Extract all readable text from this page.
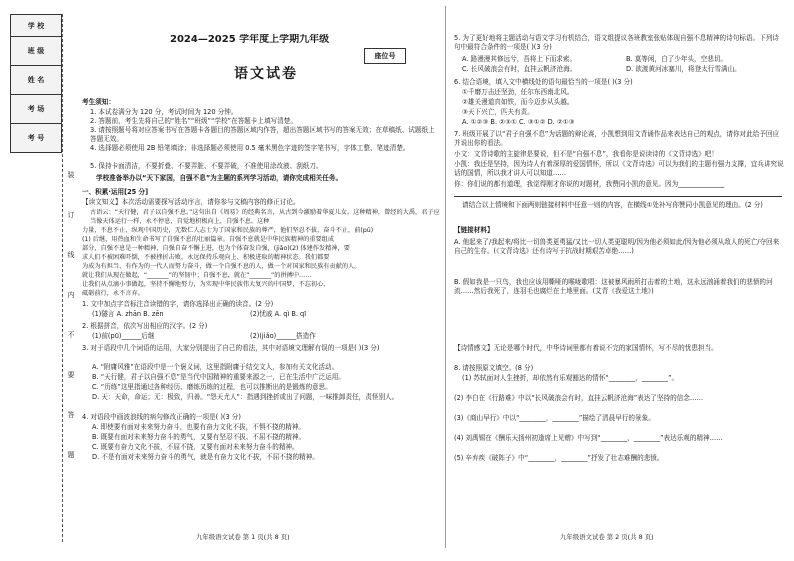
学 校
班 级
姓 名
考 场
考 号
装
订
线
内
不
要
答
题
2024—2025 学年度上学期九年级
语文试卷
座位号
考生须知：
1. 本试卷满分为 120 分，考试时间为 120 分钟。
2. 答题前，考生先将自己的“姓名”“班级”“学校”在答题卡上填写清楚。
3. 请按照题号将对应答案书写在答题卡各题目的答题区域内作答，超出答题区域书写的答案无效；在草稿纸、试题纸上答题无效。
4. 选择题必须使用 2B 铅笔填涂；非选择题必须使用 0.5 毫米黑色字迹的签字笔书写，字体工整、笔迹清楚。
5. 保持卡面清洁，不要折叠、不要弄脏、不要弄破，不准使用涂改液、刮纸刀。
学校准备举办以“天下家国，自强不息”为主题的系列学习活动，请你完成相关任务。
一、积累·运用[25 分]
【读文知义】本次活动需要探写活动序言，请你参与文稿内容的修正讨论。
古语云：“天行健，君子以自强不息。”这句出自《周易》的经典名言，从古到今激励着华夏儿女。这种精神，曾经的大禹，君子应当像天体运行一样，永不停息，自觉地积极向上，自强不息。这种
力量，不息不止，纵观中国历史，无数仁人志士为了国家和民族的尊严，他们坚忍不拔，奋斗不止，前(pū)
(1) 后继，用热血和生命书写了自强不息的壮丽篇章。自强不息就是中华民族精神的重要组成
部分，自强不息是一种精神，自强自奋不懈上进，也为个体奋发自强，(jiǎo)(2) 体建作发精神，要
求人们不被困难吓倒，不被挫折击败，永远保持乐观向上、积极进取的精神状态。我们都要
为成为有担当、有作为的一代人而努力奋斗，做一个自强不息的人，做一个对国家和民族有贡献的人。
就让我们从现在做起，“_______”的坚韧中；自强不息，就在“_______”的拼搏中……
让我们从点滴小事做起，坚持不懈地努力，为实现中华民族伟大复兴的中国梦，不忘初心，
砥砺前行，永不言弃。
1. 文中加点字音标注音读错的字，请你选择出正确的读音。(2 分)
(1)隧言 A. zhān B. zēn	(2)忧戚 A. qì B. qī
2. 根据拼音，依次写出相应的汉字。(2 分)
(1)前(pū)______后继	(2)(jiǎo)______搭造作
3. 对于语段中几个词语的运用，大家分别提出了自己的看法，其中对语境文理解有误的一项是( )(3 分)
A. “附庸风雅”在语段中是一个褒义词，这里指附庸于结交文人，参加有关文化活动。
B. “天行健，君子以自强不息”是当代中国精神的重要来源之一，已在生活中广泛运用。
C. “历练”这里指通过各种经历、磨练历练的过程，也可以推断出的是锻炼的意思。
D. 天：天命，命运；无：极致，归善。“怨天尤人”：指遇到挫折或出了问题，一味推卸责任，责怪别人。
4. 对语段中画波浪线的病句修改正确的一项是( )(3 分)
A. 即使要有面对未来努力奋斗，也要有奋力文化不拔，不惧不挠的精神。
B. 既要有面对未来努力奋斗的勇气，又要有坚忍不拔、不屈不挠的精神。
C. 既要有奋力文化不拔，不屈不挠，又要有面对未来努力奋斗的精神。
D. 不是有面对未来努力奋斗的勇气，就是有奋力文化不拔，不屈不挠的精神。
九年级语文试卷 第 1 页(共 8 页)
5. 为了更好地将主题活动与语文学习有机结合，语文组提议各班教室张贴体现自强不息精神的诗句标语。下列诗句中最符合条件的一项是( )(3 分)
A. 路漫漫其修远兮，吾将上下而求索。	B. 莫等闲，白了少年头，空悲切。
C. 长风破浪会有时，直挂云帆济沧海。	D. 欲渡黄河冰塞川，将登太行雪满山。
6. 结合语境，填入文中横线处的语句最恰当的一项是( )(3 分)
①千磨万击还坚劲，任尔东西南北风。
②雄关漫道真如铁，而今迈步从头越。
③天下兴亡，匹夫有责。
A. ①②③ B. ②③① C. ③①② D. ②①③
7. 班级开展了以“君子自强不息”为话题的辩论赛，小凯想到用文背诵作品来表达自己的观点，请你对此给予回应并说出你的看法。
小文：文背诗歌的主旋律是要说，但不是“自强不息”，我看你是说读诗的《文背诗选》吧！
小凯：我还是坚持，因为诗人有着深厚的爱国情怀，所以《文背诗选》可以为我们的主题有强力支撑，宜兵讲究说话的国情，所以我才讲人可以知道……
你：你们说的都有道理，我觉得刚才你说的对题材，我赞同小凯的意见。因为______________
请结合以上情境和下面两则链接材料中任意一则的内容，在横线①处补写你赞同小凯意见的理由。(2 分)
【链接材料】
A. 他起来了/我起来/将比一切兽类更勇猛/又比一切人类更聪明/因为他必须如此/因为他必须从敌人的死亡/夺回来自己的生存。(《文背诗选》还有诗写于抗战时期艰苦卓绝……)
B. 假如我是一只鸟，我也应该用嘶哑的喉咙歌唱：这被暴风雨所打击着的土地，这永远汹涌着我们的悲愤的河流……然后我死了，连羽毛也腐烂在土地里面。(艾青《我爱这土地》)
【诗情感文】无论是哪个时代，中华诗词里都有着说不完的家国情怀，写不尽的忧患担当。
8. 请按照原文填空。(8 分)
(1) 苏轼面对人生挫折，却依然有乐观豁达的情怀“________，________”。
(2) 李白在《行路难》中以“长风破浪会有时，直挂云帆济沧海”表达了坚持的信念……
(3)《商山早行》中以“________，________”描绘了清晨早行的景象。
(4) 刘禹锡在《酬乐天扬州初逢席上见赠》中写到“________，________”表达乐观的精神……
(5) 辛弃疾《破阵子》中“________，________”抒发了壮志难酬的悲愤。
九年级语文试卷 第 2 页(共 8 页)
